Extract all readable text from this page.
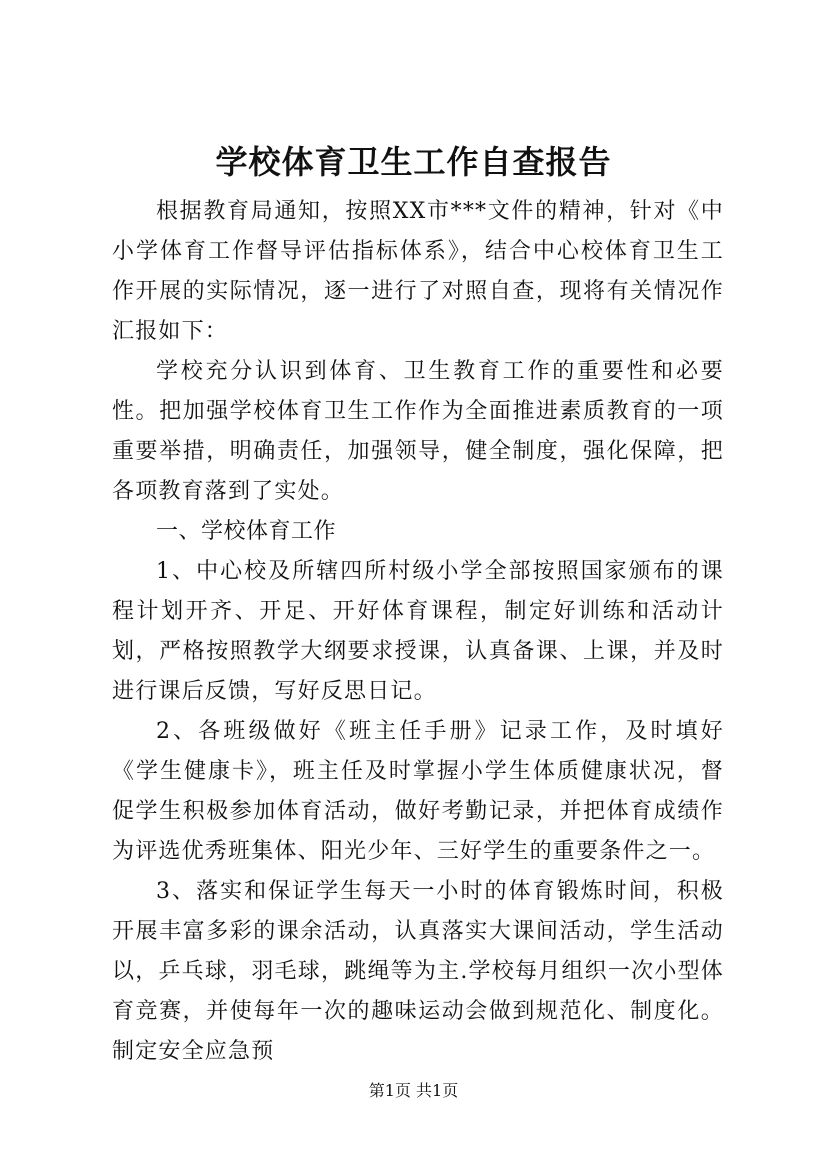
学校体育卫生工作自查报告

根据教育局通知，按照XX市***文件的精神，针对《中小学体育工作督导评估指标体系》，结合中心校体育卫生工作开展的实际情况，逐一进行了对照自查，现将有关情况作汇报如下：

学校充分认识到体育、卫生教育工作的重要性和必要性。把加强学校体育卫生工作作为全面推进素质教育的一项重要举措，明确责任，加强领导，健全制度，强化保障，把各项教育落到了实处。

一、学校体育工作

1、中心校及所辖四所村级小学全部按照国家颁布的课程计划开齐、开足、开好体育课程，制定好训练和活动计划，严格按照教学大纲要求授课，认真备课、上课，并及时进行课后反馈，写好反思日记。

2、各班级做好《班主任手册》记录工作，及时填好《学生健康卡》，班主任及时掌握小学生体质健康状况，督促学生积极参加体育活动，做好考勤记录，并把体育成绩作为评选优秀班集体、阳光少年、三好学生的重要条件之一。

3、落实和保证学生每天一小时的体育锻炼时间，积极开展丰富多彩的课余活动，认真落实大课间活动，学生活动以，乒乓球，羽毛球，跳绳等为主.学校每月组织一次小型体育竞赛，并使每年一次的趣味运动会做到规范化、制度化。制定安全应急预

第1页 共1页
